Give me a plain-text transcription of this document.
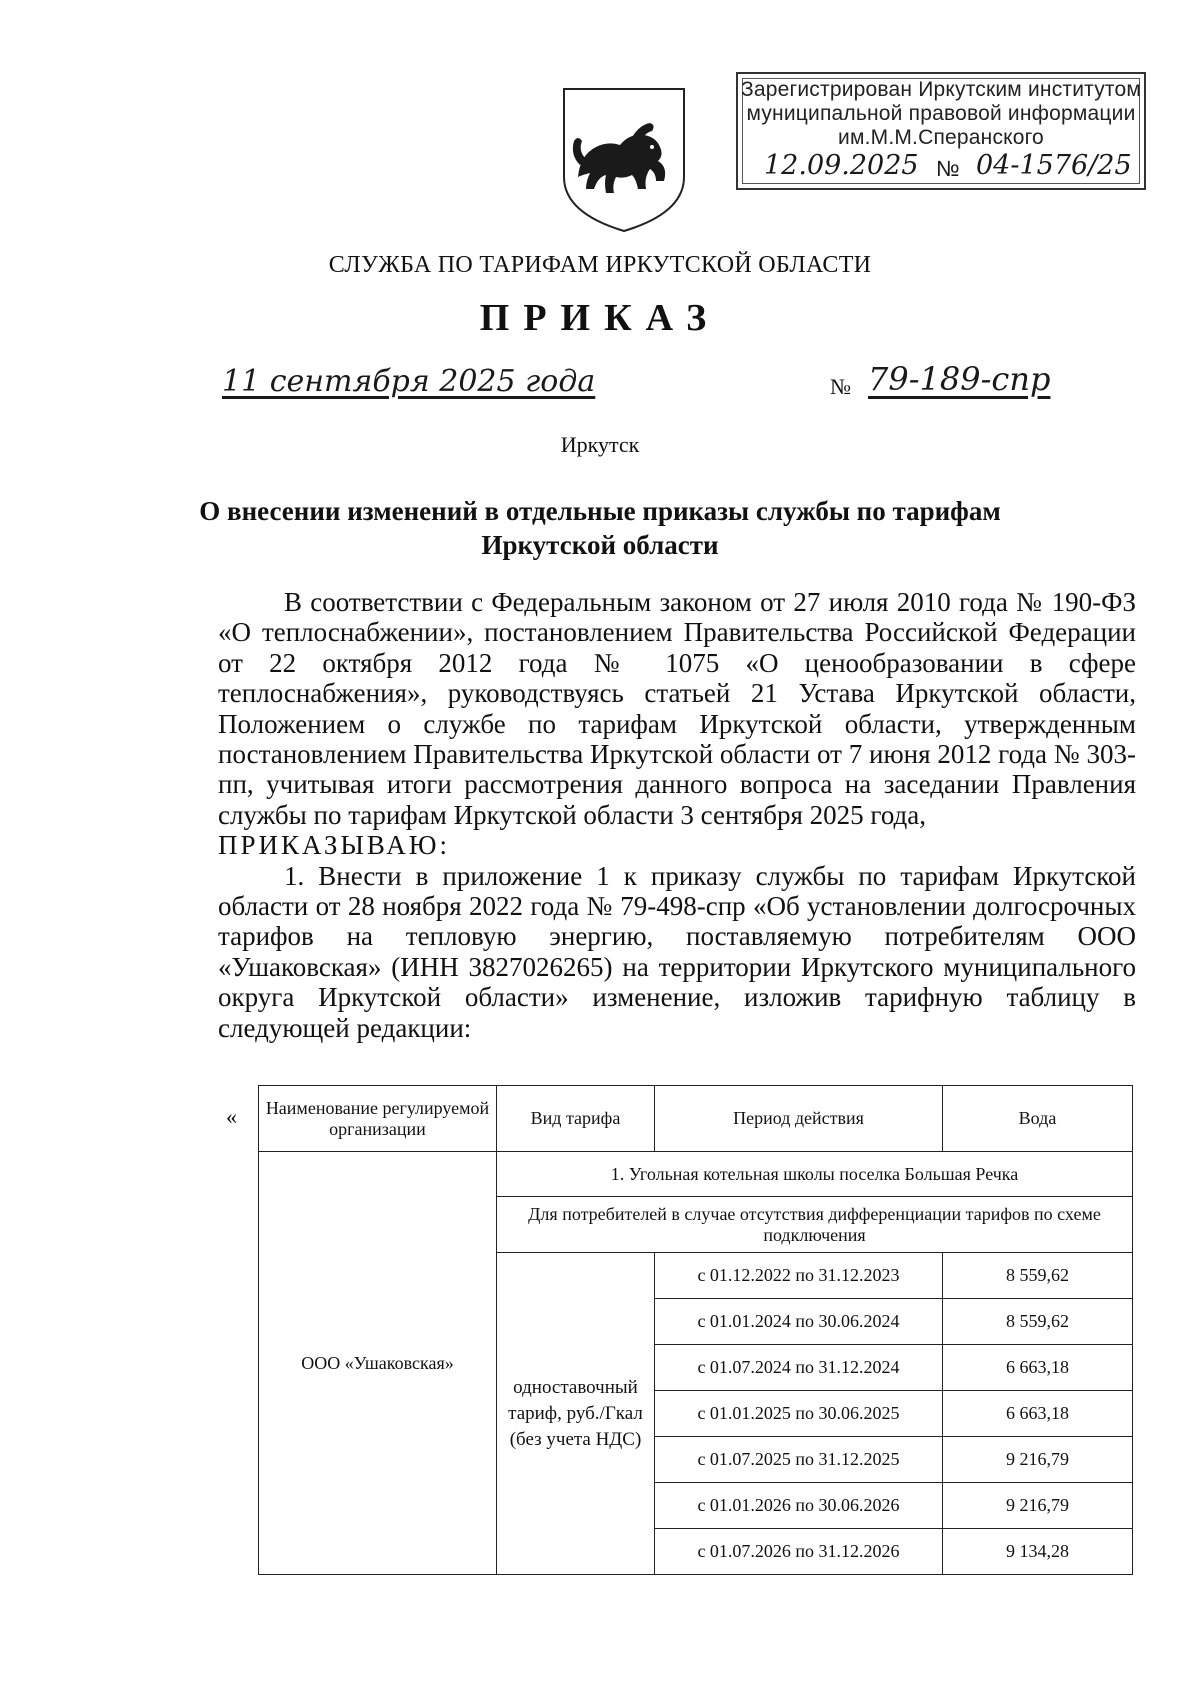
Зарегистрирован Иркутским институтом
муниципальной правовой информации
им.М.М.Сперанского
12.09.2025 № 04-1576/25
СЛУЖБА ПО ТАРИФАМ ИРКУТСКОЙ ОБЛАСТИ
ПРИКАЗ
11 сентября 2025 года	№ 79-189-спр
Иркутск
О внесении изменений в отдельные приказы службы по тарифам
Иркутской области

В соответствии с Федеральным законом от 27 июля 2010 года № 190-ФЗ «О теплоснабжении», постановлением Правительства Российской Федерации от 22 октября 2012 года № 1075 «О ценообразовании в сфере теплоснабжения», руководствуясь статьей 21 Устава Иркутской области, Положением о службе по тарифам Иркутской области, утвержденным постановлением Правительства Иркутской области от 7 июня 2012 года № 303-пп, учитывая итоги рассмотрения данного вопроса на заседании Правления службы по тарифам Иркутской области 3 сентября 2025 года,

ПРИКАЗЫВАЮ:

1. Внести в приложение 1 к приказу службы по тарифам Иркутской области от 28 ноября 2022 года № 79-498-спр «Об установлении долгосрочных тарифов на тепловую энергию, поставляемую потребителям ООО «Ушаковская» (ИНН 3827026265) на территории Иркутского муниципального округа Иркутской области» изменение, изложив тарифную таблицу в следующей редакции:

« Наименование регулируемой организации	Вид тарифа	Период действия	Вода
ООО «Ушаковская»	1. Угольная котельная школы поселка Большая Речка		
	Для потребителей в случае отсутствия дифференциации тарифов по схеме подключения		
	одноставочный тариф, руб./Гкал (без учета НДС)	с 01.12.2022 по 31.12.2023	8 559,62
		с 01.01.2024 по 30.06.2024	8 559,62
		с 01.07.2024 по 31.12.2024	6 663,18
		с 01.01.2025 по 30.06.2025	6 663,18
		с 01.07.2025 по 31.12.2025	9 216,79
		с 01.01.2026 по 30.06.2026	9 216,79
		с 01.07.2026 по 31.12.2026	9 134,28
